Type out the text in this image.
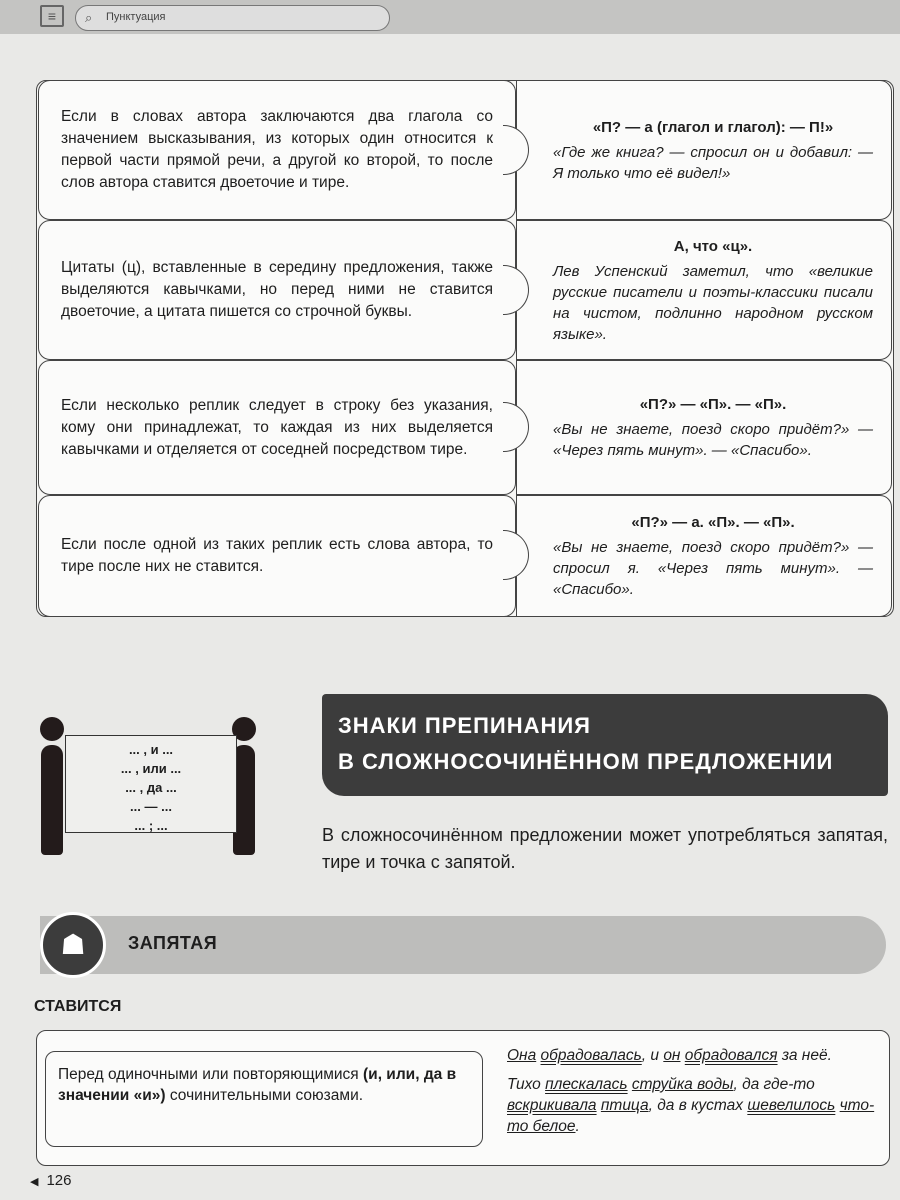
≡	⌕ Пунктуация
Если в словах автора заключаются два глагола со значением высказывания, из которых один относится к первой части прямой речи, а другой ко второй, то после слов автора ставится двоеточие и тире.
«П? — а (глагол и глагол): — П!»
«Где же книга? — спросил он и добавил: — Я только что её видел!»
Цитаты (ц), вставленные в середину предложения, также выделяются кавычками, но перед ними не ставится двоеточие, а цитата пишется со строчной буквы.
А, что «ц».
Лев Успенский заметил, что «великие русские писатели и поэты-классики писали на чистом, подлинно народном русском языке».
Если несколько реплик следует в строку без указания, кому они принадлежат, то каждая из них выделяется кавычками и отделяется от соседней посредством тире.
«П?» — «П». — «П».
«Вы не знаете, поезд скоро придёт?» — «Через пять минут». — «Спасибо».
Если после одной из таких реплик есть слова автора, то тире после них не ставится.
«П?» — а. «П». — «П».
«Вы не знаете, поезд скоро придёт?» — спросил я. «Через пять минут». — «Спасибо».
... , и ...
... , или ...
... , да ...
... — ...
... ; ...
ЗНАКИ ПРЕПИНАНИЯ
В СЛОЖНОСОЧИНЁННОМ ПРЕДЛОЖЕНИИ
В сложносочинённом предложении может употребляться запятая, тире и точка с запятой.
☗	ЗАПЯТАЯ
СТАВИТСЯ
Перед одиночными или повторяющимися (и, или, да в значении «и») сочинительными союзами.

Она обрадовалась, и он обрадовался за неё.

Тихо плескалась струйка воды, да где-то вскрикивала птица, да в кустах шевелилось что-то белое.

◀ 126
